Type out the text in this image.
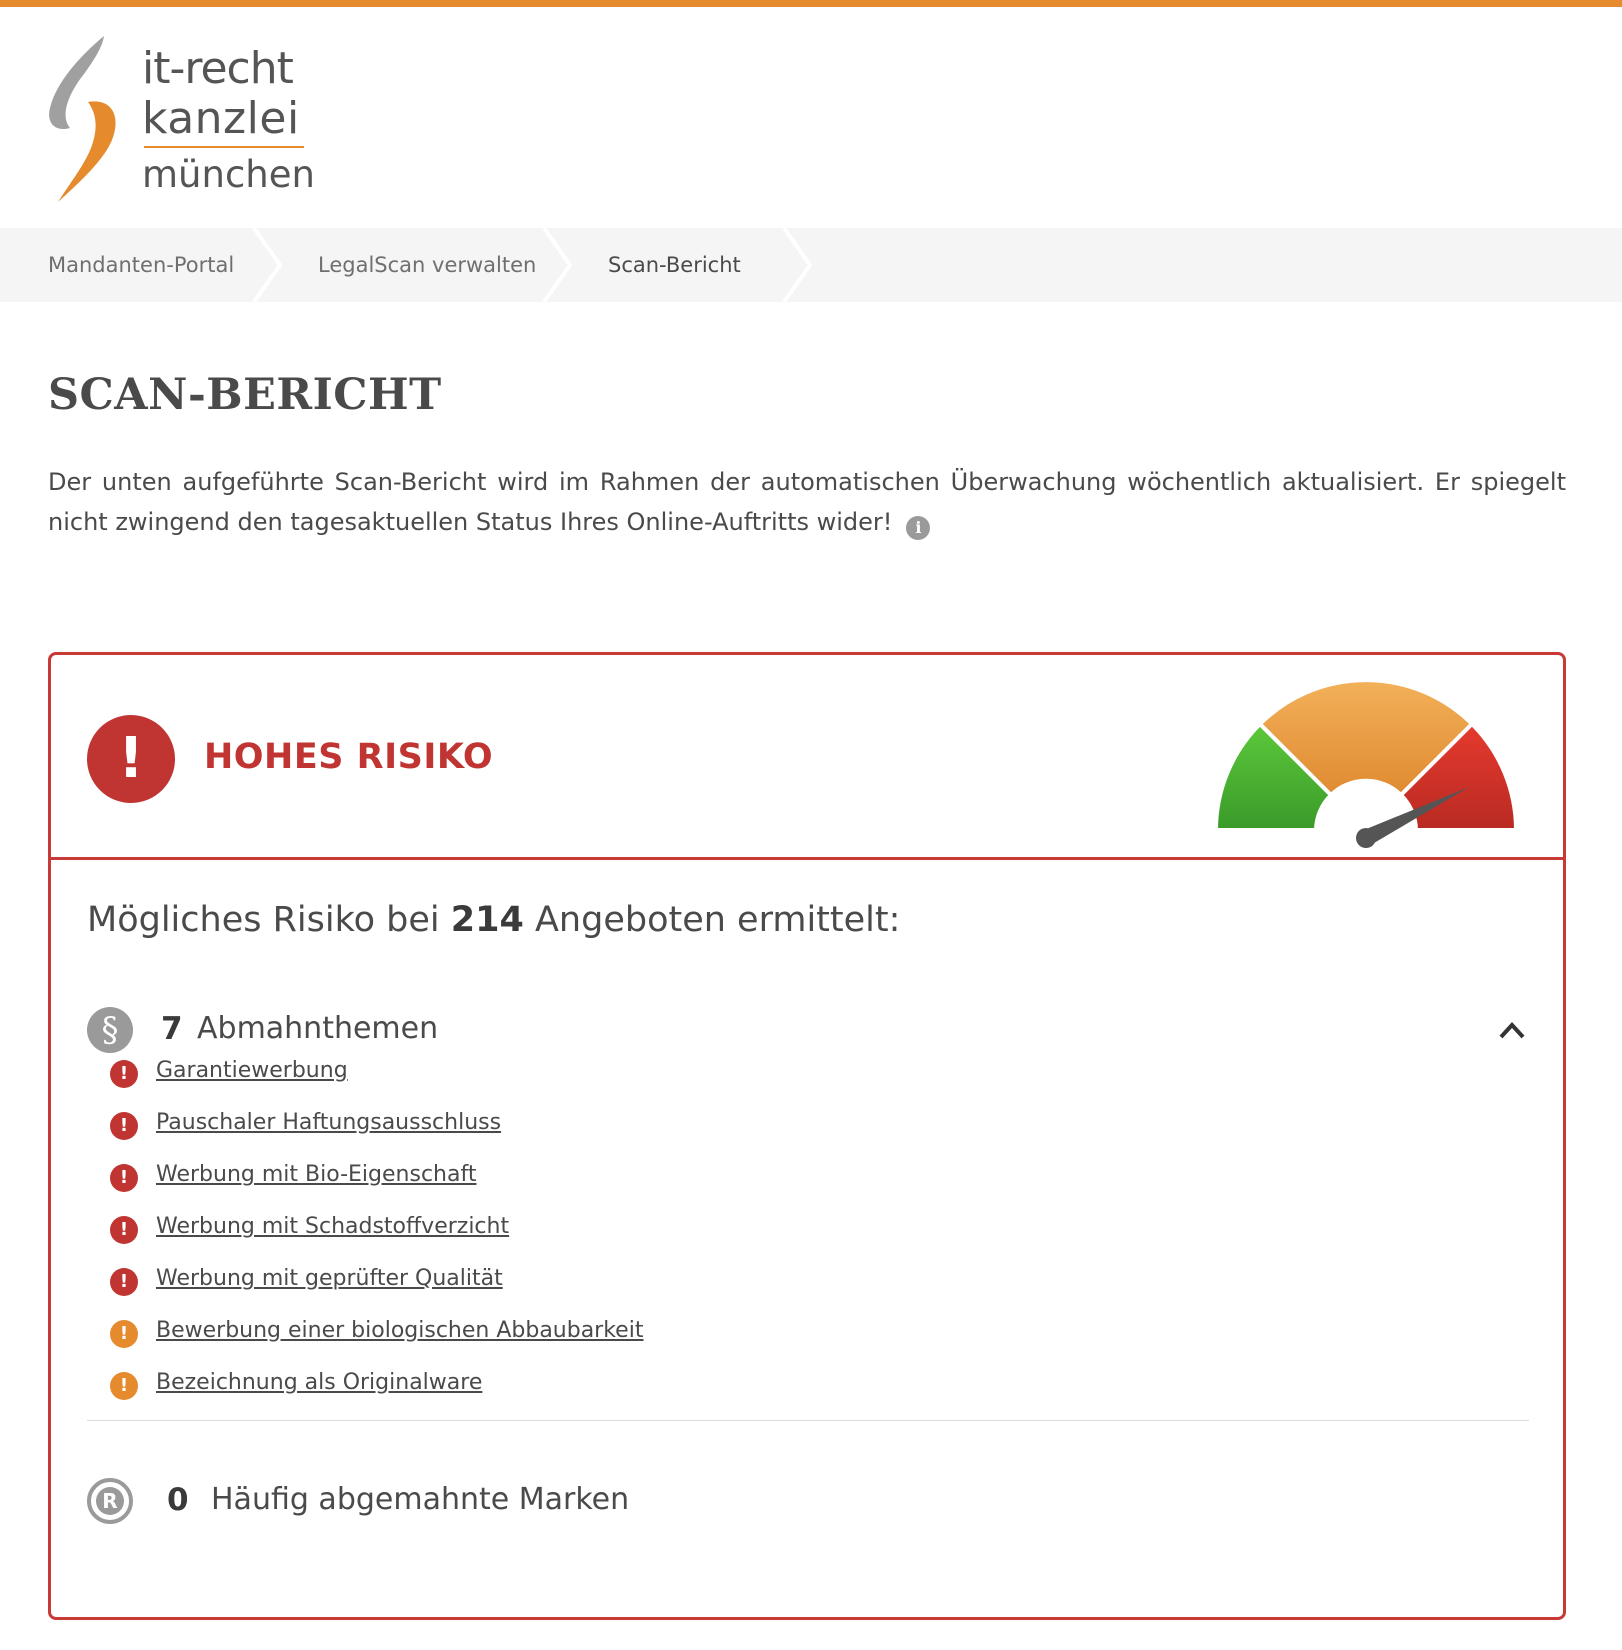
it-recht
kanzlei
münchen
Mandanten-Portal	LegalScan verwalten	Scan-Bericht
SCAN-BERICHT

Der unten aufgeführte Scan-Bericht wird im Rahmen der automatischen Überwachung wöchentlich aktualisiert. Er spiegelt nicht zwingend den tagesaktuellen Status Ihres Online-Auftritts wider! i

!	HOHES RISIKO
Mögliches Risiko bei 214 Angeboten ermittelt:
§	7 Abmahnthemen
R 0 Häufig abgemahnte Marken
!	Garantiewerbung
!	Pauschaler Haftungsausschluss
!	Werbung mit Bio-Eigenschaft
!	Werbung mit Schadstoffverzicht
!	Werbung mit geprüfter Qualität
!	Bewerbung einer biologischen Abbaubarkeit
!	Bezeichnung als Originalware
